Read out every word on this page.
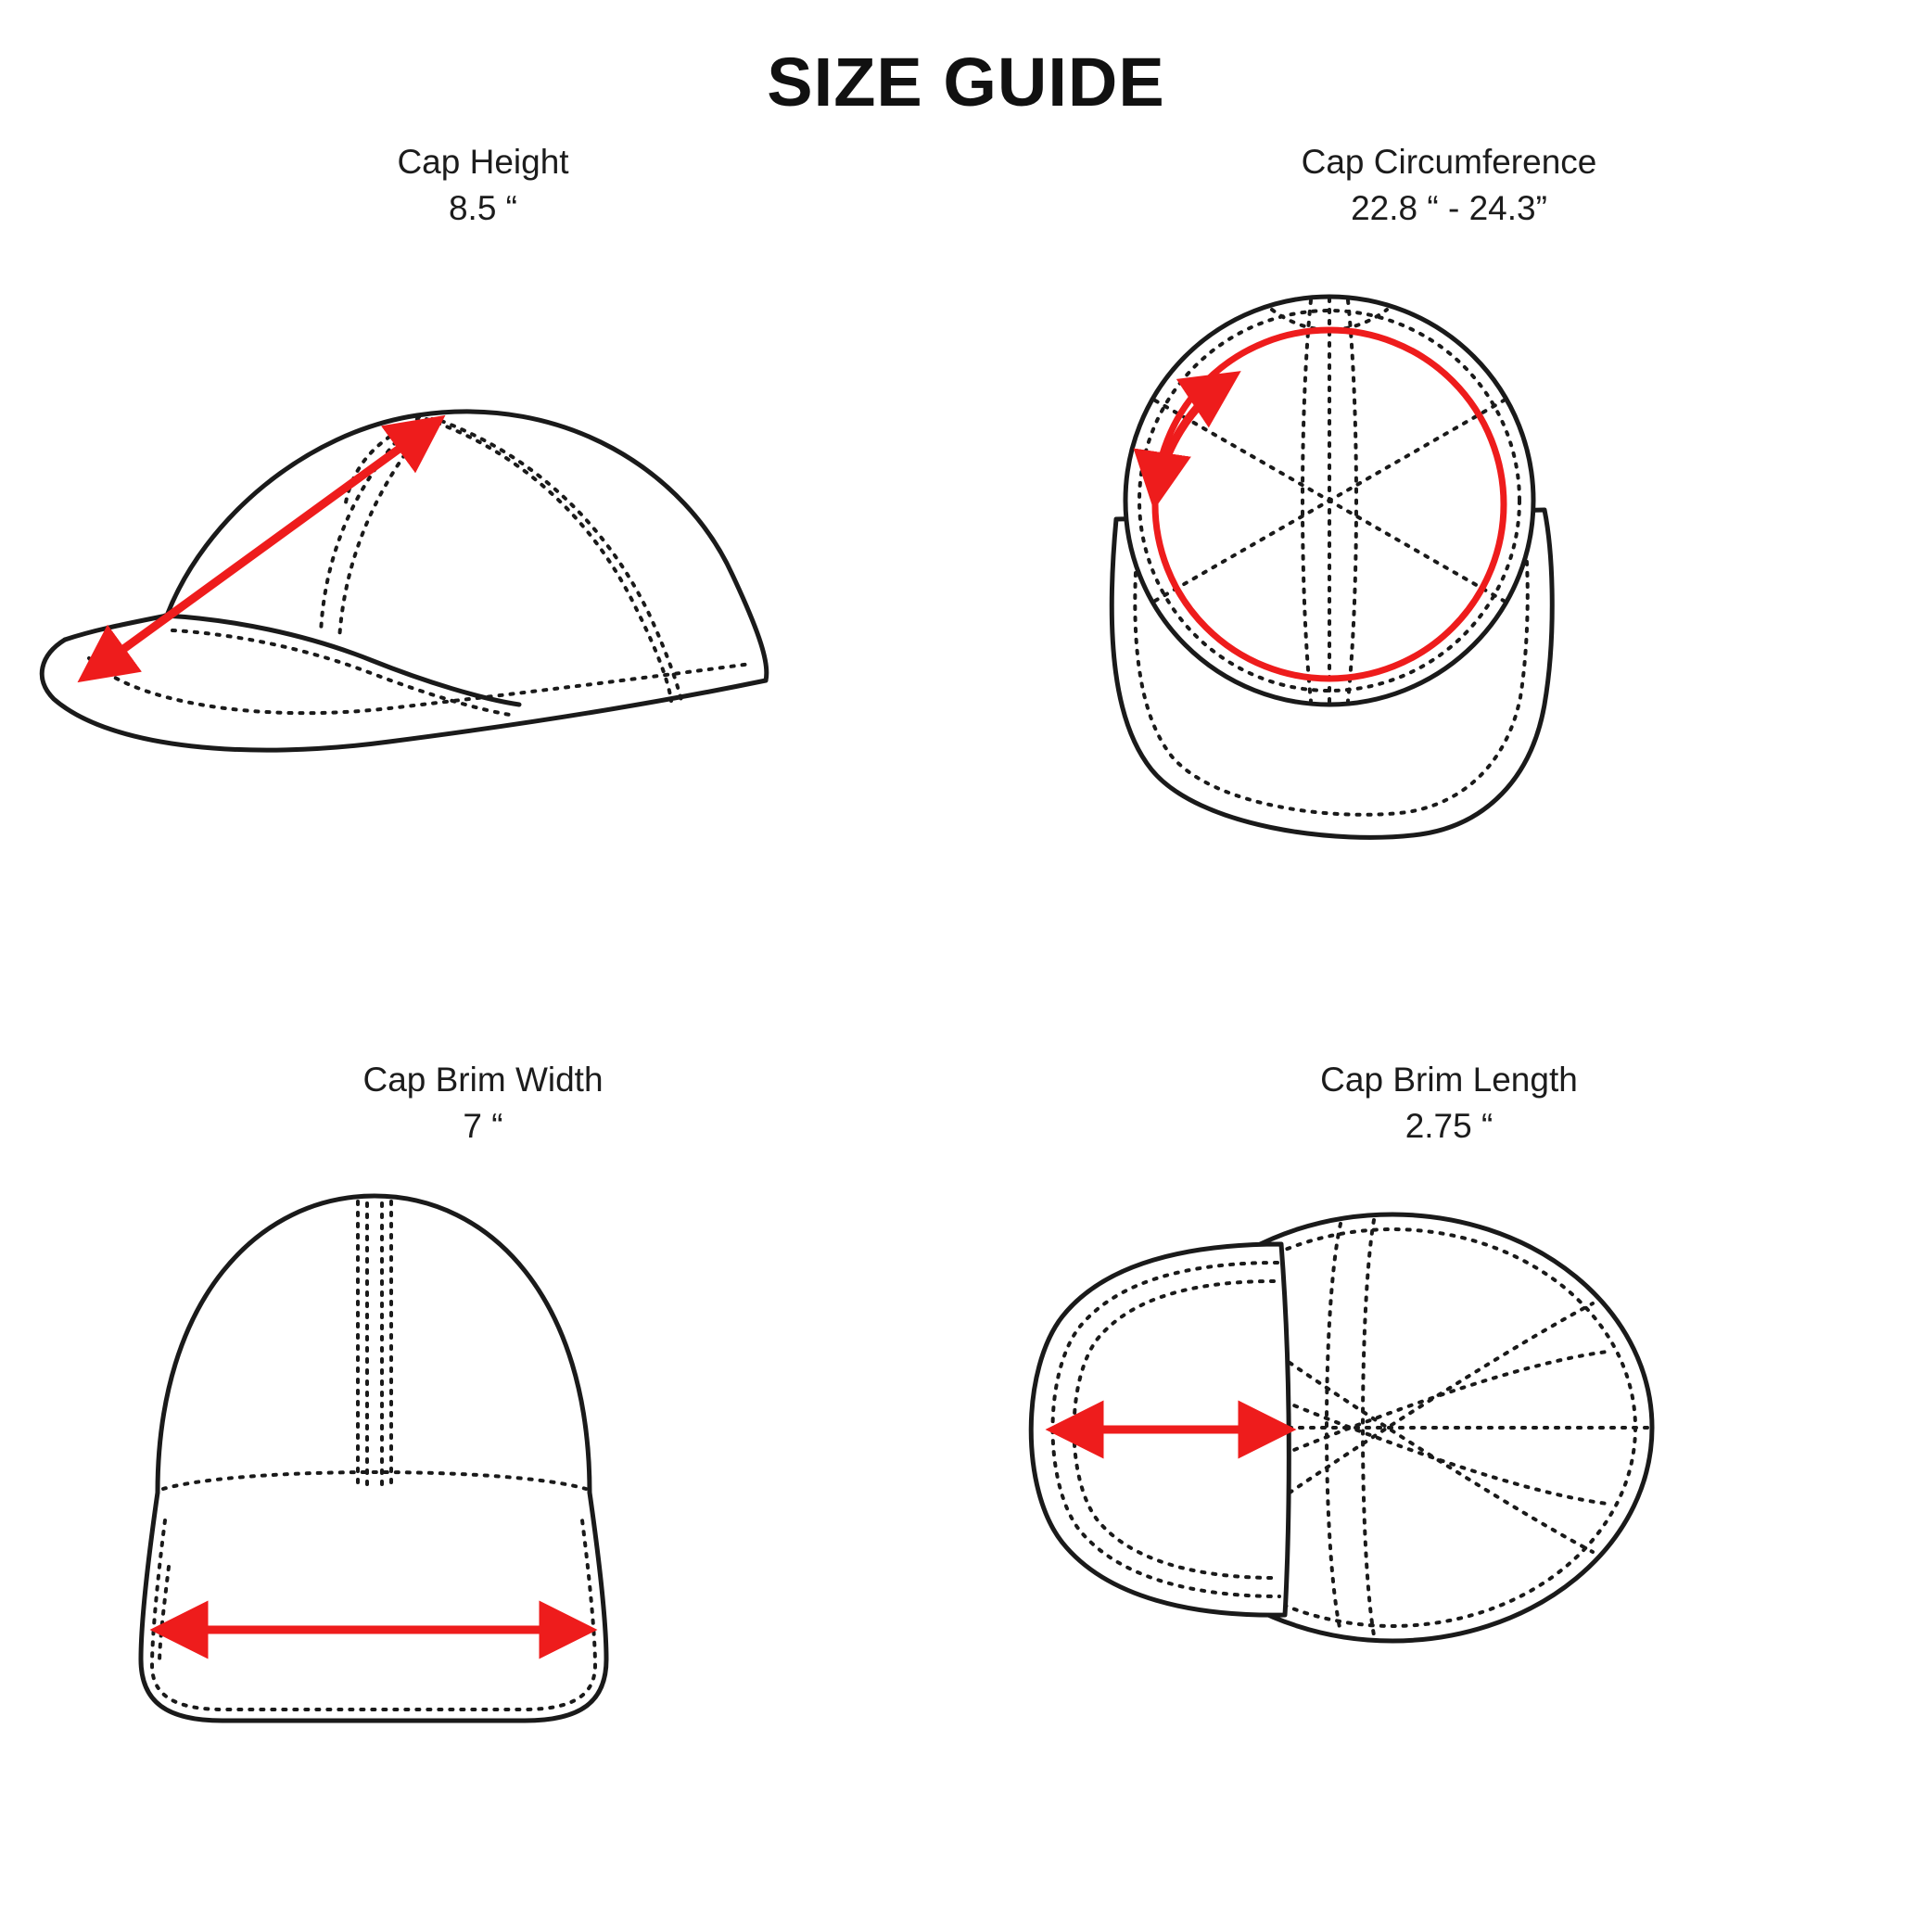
SIZE GUIDE
Cap Height
8.5 “
Cap Circumference
22.8 “ - 24.3”
Cap Brim Width
7 “
Cap Brim Length
2.75 “
